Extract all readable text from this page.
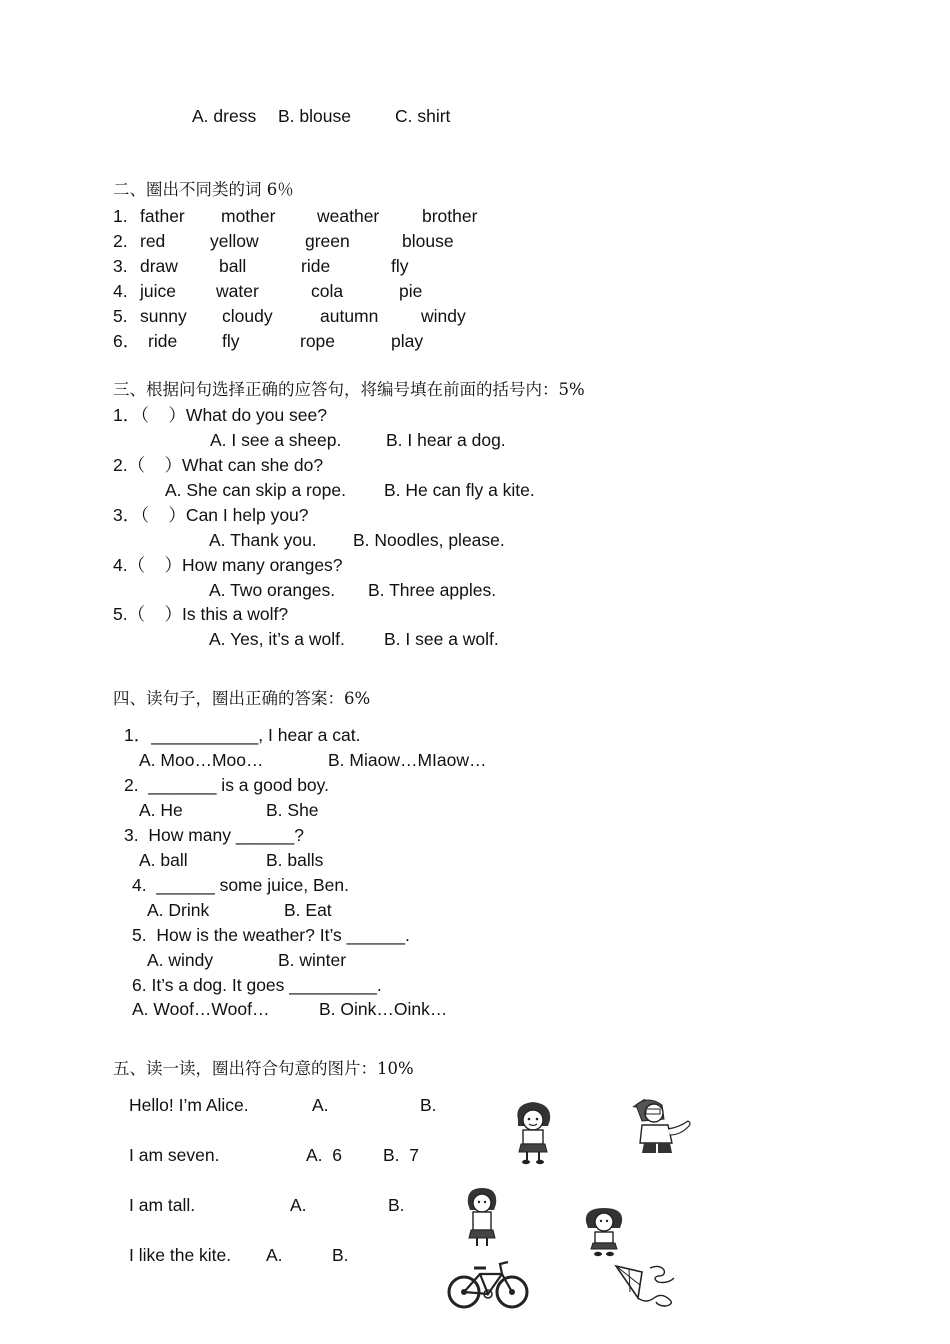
A. dress B. blouse	C. shirt
二、圈出不同类的词 6％
1. father mother weather brother
2. red	yellow	green	blouse
3. draw ball	ride	fly
4. juice water	cola	pie
5. sunny cloudy	autumn windy
6． ride	fly	rope	play
三、根据问句选择正确的应答句，将编号填在前面的括号内：5%
1．（    ）What do you see?
A. I see a sheep.	B. I hear a dog.
2.（    ）What can she do?
A. She can skip a rope. B. He can fly a kite.
3．（    ）Can I help you?
A. Thank you. B. Noodles, please.
4.（    ）How many oranges?
A. Two oranges. B. Three apples.
5.（    ）Is this a wolf?
A. Yes, it’s a wolf. B. I see a wolf.
四、读句子，圈出正确的答案：6%
1．___________, I hear a cat.
A. Moo…Moo…	B. Miaow…MIaow…
2.  _______ is a good boy.
A. He	B. She
3.  How many ______?
A. ball	B. balls
4.  ______ some juice, Ben.
A. Drink	B. Eat
5.  How is the weather? It’s ______.
A. windy	B. winter
6. It’s a dog. It goes _________.
A. Woof…Woof…	B. Oink…Oink…
五、读一读，圈出符合句意的图片：10%
Hello! I’m Alice.	A.	B.
I am seven.	A.  6 B.  7
I am tall.	A.	B.
I like the kite. A.	B.
